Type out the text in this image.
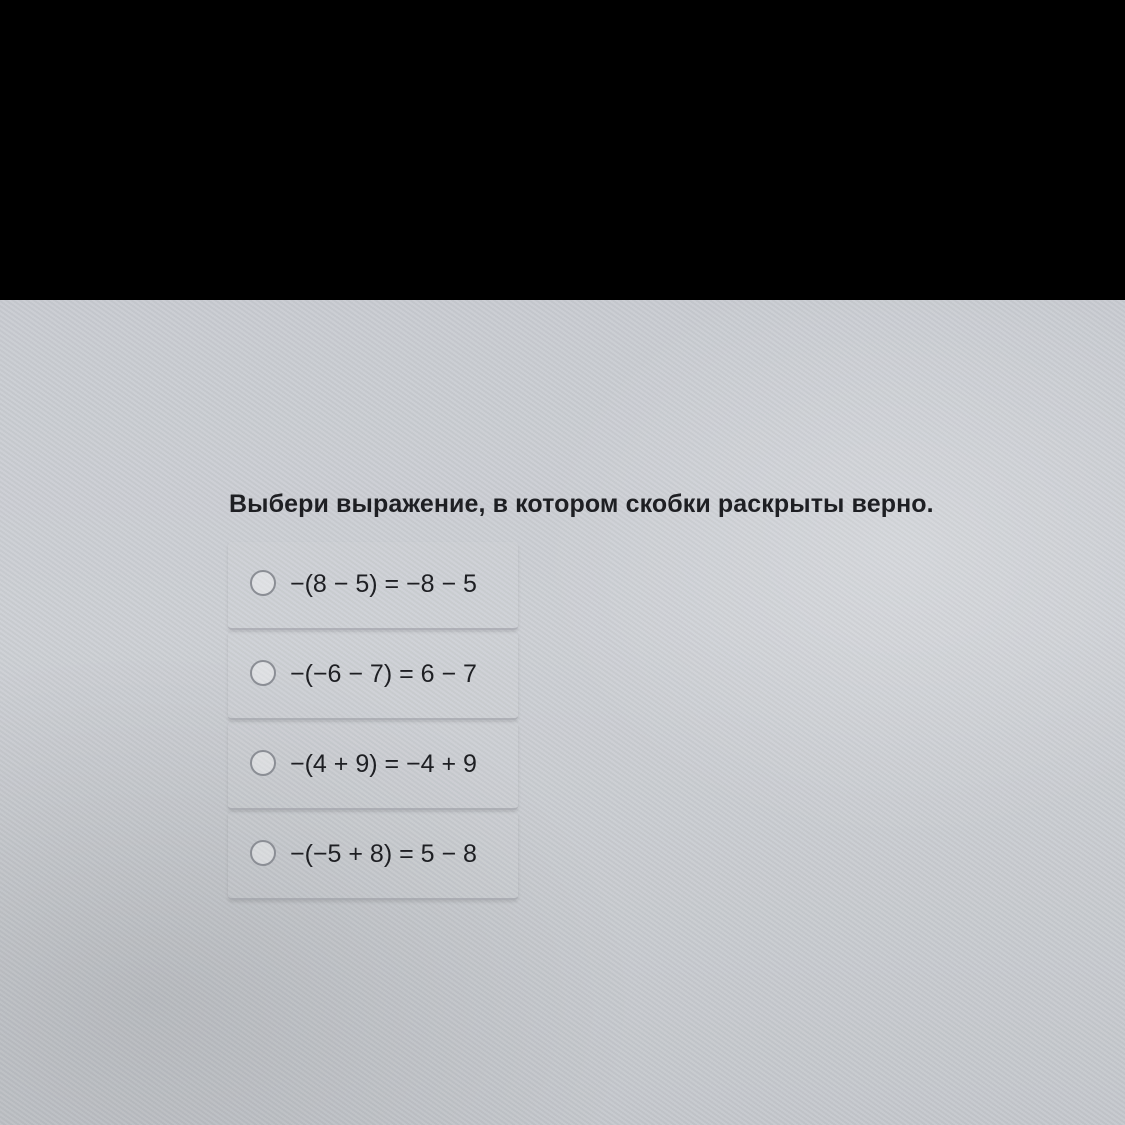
Выбери выражение, в котором скобки раскрыты верно.
−(8 − 5) = −8 − 5
−(−6 − 7) = 6 − 7
−(4 + 9) = −4 + 9
−(−5 + 8) = 5 − 8
